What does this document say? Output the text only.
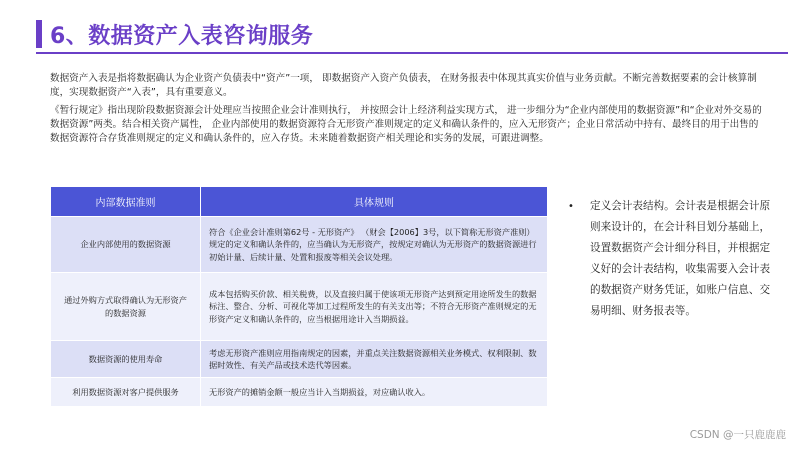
6、数据资产入表咨询服务

数据资产入表是指将数据确认为企业资产负债表中“资产”一项， 即数据资产入资产负债表， 在财务报表中体现其真实价值与业务贡献。不断完善数据要素的会计核算制度，实现数据资产“入表”，具有重要意义。

《暂行规定》指出现阶段数据资源会计处理应当按照企业会计准则执行， 并按照会计上经济利益实现方式， 进一步细分为“企业内部使用的数据资源”和“企业对外交易的数据资源”两类。结合相关资产属性， 企业内部使用的数据资源符合无形资产准则规定的定义和确认条件的，应入无形资产；企业日常活动中持有、最终目的用于出售的数据资源符合存货准则规定的定义和确认条件的，应入存货。未来随着数据资产相关理论和实务的发展，可跟进调整。

内部数据准则	具体规则
企业内部使用的数据资源	符合《企业会计准则第62号 - 无形资产》 （财会【2006】3号，以下简称无形资产准则）规定的定义和确认条件的，应当确认为无形资产，按规定对确认为无形资产的数据资源进行初始计量、后续计量、处置和报废等相关会议处理。
通过外购方式取得确认为无形资产的数据资源	成本包括购买价款、相关税费，以及直接归属于使该项无形资产达到预定用途所发生的数据标注、整合、分析、可视化等加工过程所发生的有关支出等；不符合无形资产准则规定的无形资产定义和确认条件的，应当根据用途计入当期损益。
数据资源的使用寿命	考虑无形资产准则应用指南规定的因素，并重点关注数据资源相关业务模式、权利限制、数据时效性、有关产品或技术迭代等因素。
利用数据资源对客户提供服务	无形资产的摊销金额一般应当计入当期损益，对应确认收入。
•	定义会计表结构。会计表是根据会计原则来设计的，在会计科目划分基础上，设置数据资产会计细分科目，并根据定义好的会计表结构，收集需要入会计表的数据资产财务凭证，如账户信息、交易明细、财务报表等。
CSDN @一只鹿鹿鹿
